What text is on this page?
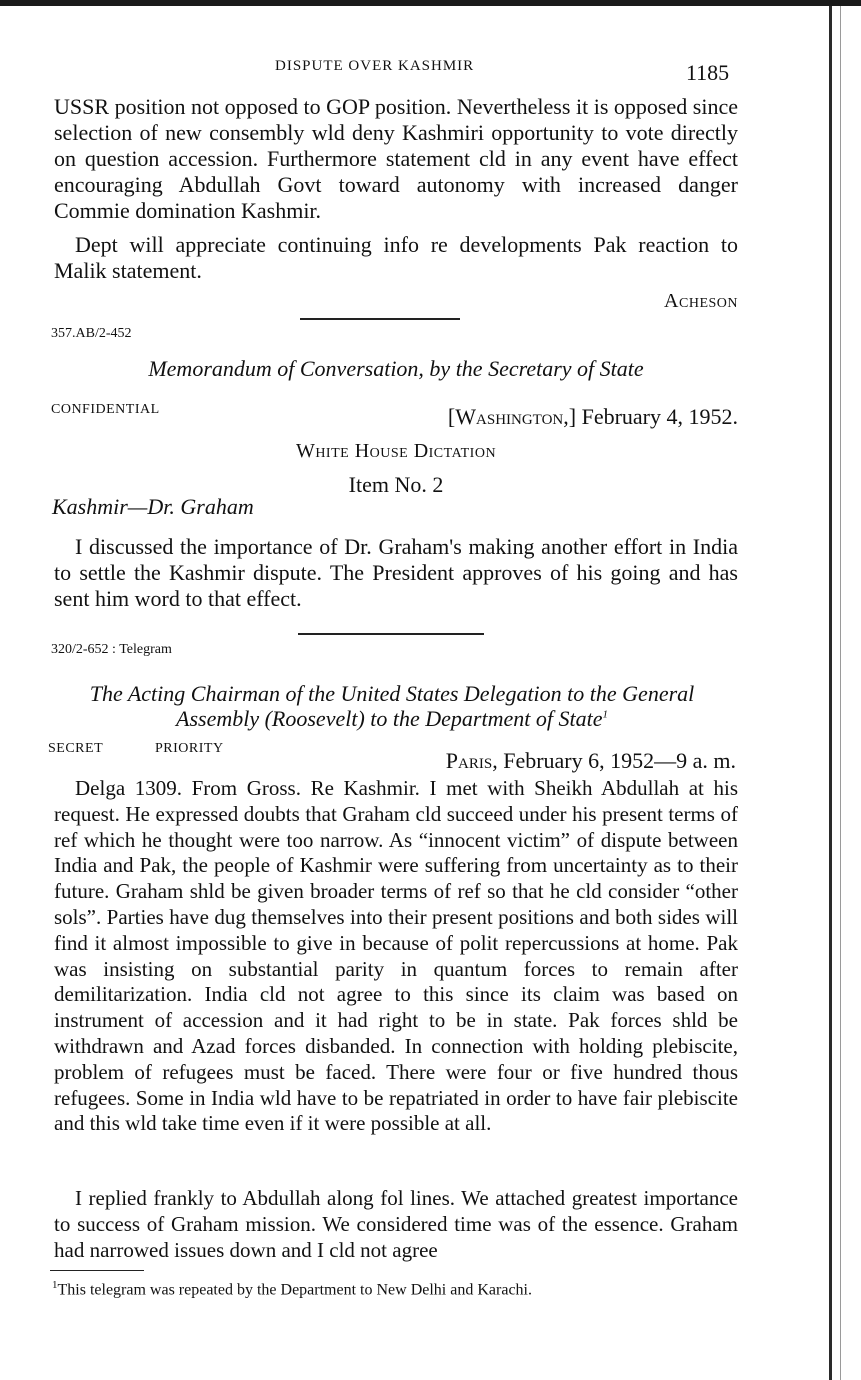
DISPUTE OVER KASHMIR	1185

USSR position not opposed to GOP position. Nevertheless it is opposed since selection of new consembly wld deny Kashmiri opportunity to vote directly on question accession. Furthermore statement cld in any event have effect encouraging Abdullah Govt toward autonomy with increased danger Commie domination Kashmir.

Dept will appreciate continuing info re developments Pak reaction to Malik statement.

Acheson
357.AB/2-452
Memorandum of Conversation, by the Secretary of State
CONFIDENTIAL	[Washington,] February 4, 1952.
White House Dictation
Item No. 2
Kashmir—Dr. Graham

I discussed the importance of Dr. Graham's making another effort in India to settle the Kashmir dispute. The President approves of his going and has sent him word to that effect.

320/2-652 : Telegram
The Acting Chairman of the United States Delegation to the General
Assembly (Roosevelt) to the Department of State$^1$
SECRET	PRIORITY	Paris, February 6, 1952—9 a. m.

Delga 1309. From Gross. Re Kashmir. I met with Sheikh Abdullah at his request. He expressed doubts that Graham cld succeed under his present terms of ref which he thought were too narrow. As “innocent victim” of dispute between India and Pak, the people of Kashmir were suffering from uncertainty as to their future. Graham shld be given broader terms of ref so that he cld consider “other sols”. Parties have dug themselves into their present positions and both sides will find it almost impossible to give in because of polit repercussions at home. Pak was insisting on substantial parity in quantum forces to remain after demilitarization. India cld not agree to this since its claim was based on instrument of accession and it had right to be in state. Pak forces shld be withdrawn and Azad forces disbanded. In connection with holding plebiscite, problem of refugees must be faced. There were four or five hundred thous refugees. Some in India wld have to be repatriated in order to have fair plebiscite and this wld take time even if it were possible at all.

I replied frankly to Abdullah along fol lines. We attached greatest importance to success of Graham mission. We considered time was of the essence. Graham had narrowed issues down and I cld not agree

$^1$This telegram was repeated by the Department to New Delhi and Karachi.
